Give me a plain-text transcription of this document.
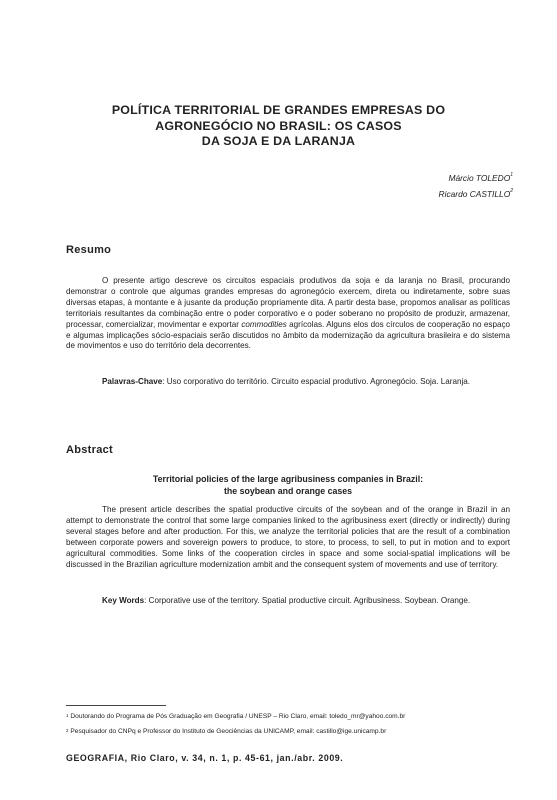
POLÍTICA TERRITORIAL DE GRANDES EMPRESAS DO
AGRONEGÓCIO NO BRASIL: OS CASOS
DA SOJA E DA LARANJA
Márcio TOLEDO$^1$
Ricardo CASTILLO$^2$
Resumo
O presente artigo descreve os circuitos espaciais produtivos da soja e da laranja no Brasil, procurando demonstrar o controle que algumas grandes empresas do agronegócio exercem, direta ou indiretamente, sobre suas diversas etapas, à montante e à jusante da produção propriamente dita. A partir desta base, propomos analisar as políticas territoriais resultantes da combinação entre o poder corporativo e o poder soberano no propósito de produzir, armazenar, processar, comercializar, movimentar e exportar commodities agrícolas. Alguns elos dos círculos de cooperação no espaço e algumas implicações sócio-espaciais serão discutidos no âmbito da modernização da agricultura brasileira e do sistema de movimentos e uso do território dela decorrentes.
Palavras-Chave: Uso corporativo do território. Circuito espacial produtivo. Agronegócio. Soja. Laranja.
Abstract
Territorial policies of the large agribusiness companies in Brazil:
the soybean and orange cases
The present article describes the spatial productive circuits of the soybean and of the orange in Brazil in an attempt to demonstrate the control that some large companies linked to the agribusiness exert (directly or indirectly) during several stages before and after production. For this, we analyze the territorial policies that are the result of a combination between corporate powers and sovereign powers to produce, to store, to process, to sell, to put in motion and to export agricultural commodities. Some links of the cooperation circles in space and some social-spatial implications will be discussed in the Brazilian agriculture modernization ambit and the consequent system of movements and use of territory.
Key Words: Corporative use of the territory. Spatial productive circuit. Agribusiness. Soybean. Orange.
$^1$ Doutorando do Programa de Pós Graduação em Geografia / UNESP – Rio Claro, email: toledo_mr@yahoo.com.br
$^2$ Pesquisador do CNPq e Professor do Instituto de Geociências da UNICAMP, email: castillo@ige.unicamp.br
GEOGRAFIA, Rio Claro, v. 34, n. 1, p. 45-61, jan./abr. 2009.
